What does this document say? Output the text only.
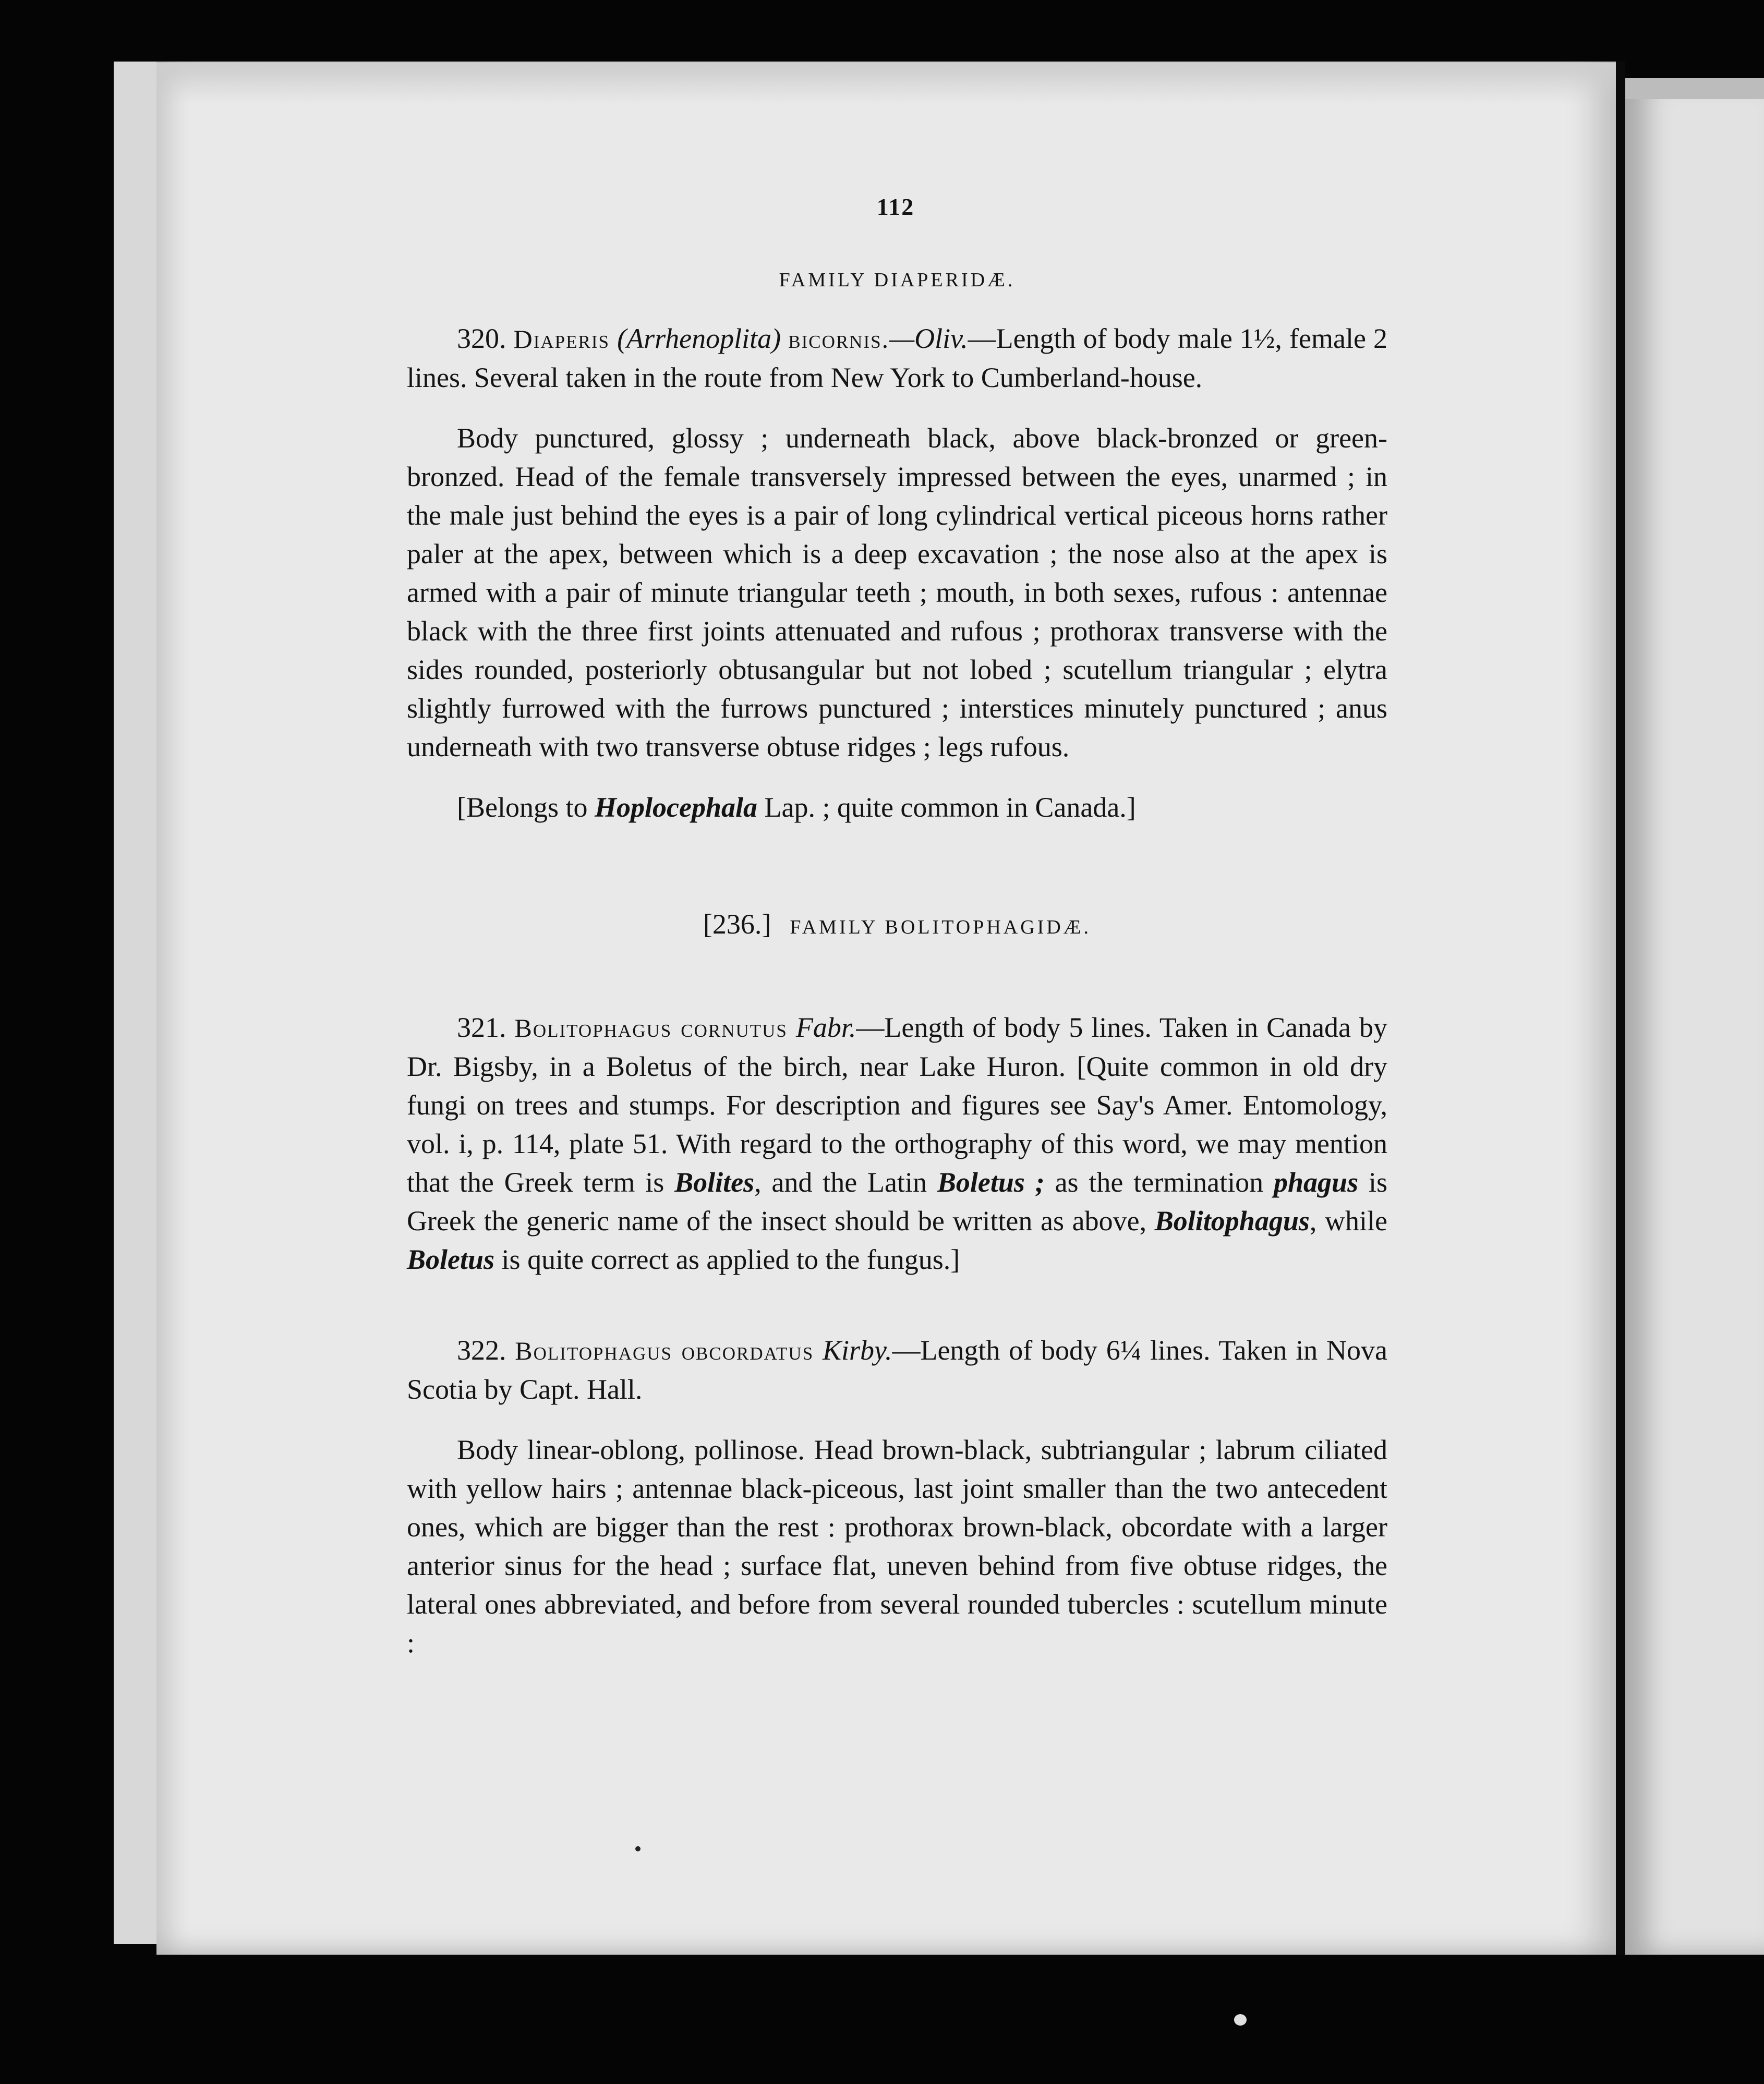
112
FAMILY DIAPERIDÆ.

320. Diaperis (Arrhenoplita) bicornis.—Oliv.—Length of body male 1½, female 2 lines. Several taken in the route from New York to Cumberland-house.

Body punctured, glossy ; underneath black, above black-bronzed or green-bronzed. Head of the female transversely impressed between the eyes, unarmed ; in the male just behind the eyes is a pair of long cylindrical vertical piceous horns rather paler at the apex, between which is a deep excavation ; the nose also at the apex is armed with a pair of minute triangular teeth ; mouth, in both sexes, rufous : antennae black with the three first joints attenuated and rufous ; prothorax transverse with the sides rounded, posteriorly obtusangular but not lobed ; scutellum triangular ; elytra slightly furrowed with the furrows punctured ; interstices minutely punctured ; anus underneath with two transverse obtuse ridges ; legs rufous.

[Belongs to Hoplocephala Lap. ; quite common in Canada.]

[236.] FAMILY BOLITOPHAGIDÆ.

321. Bolitophagus cornutus Fabr.—Length of body 5 lines. Taken in Canada by Dr. Bigsby, in a Boletus of the birch, near Lake Huron. [Quite common in old dry fungi on trees and stumps. For description and figures see Say's Amer. Entomology, vol. i, p. 114, plate 51. With regard to the orthography of this word, we may mention that the Greek term is Bolites, and the Latin Boletus ; as the termination phagus is Greek the generic name of the insect should be written as above, Bolitophagus, while Boletus is quite correct as applied to the fungus.]

322. Bolitophagus obcordatus Kirby.—Length of body 6¼ lines. Taken in Nova Scotia by Capt. Hall.

Body linear-oblong, pollinose. Head brown-black, subtriangular ; labrum ciliated with yellow hairs ; antennae black-piceous, last joint smaller than the two antecedent ones, which are bigger than the rest : prothorax brown-black, obcordate with a larger anterior sinus for the head ; surface flat, uneven behind from five obtuse ridges, the lateral ones abbreviated, and before from several rounded tubercles : scutellum minute :
